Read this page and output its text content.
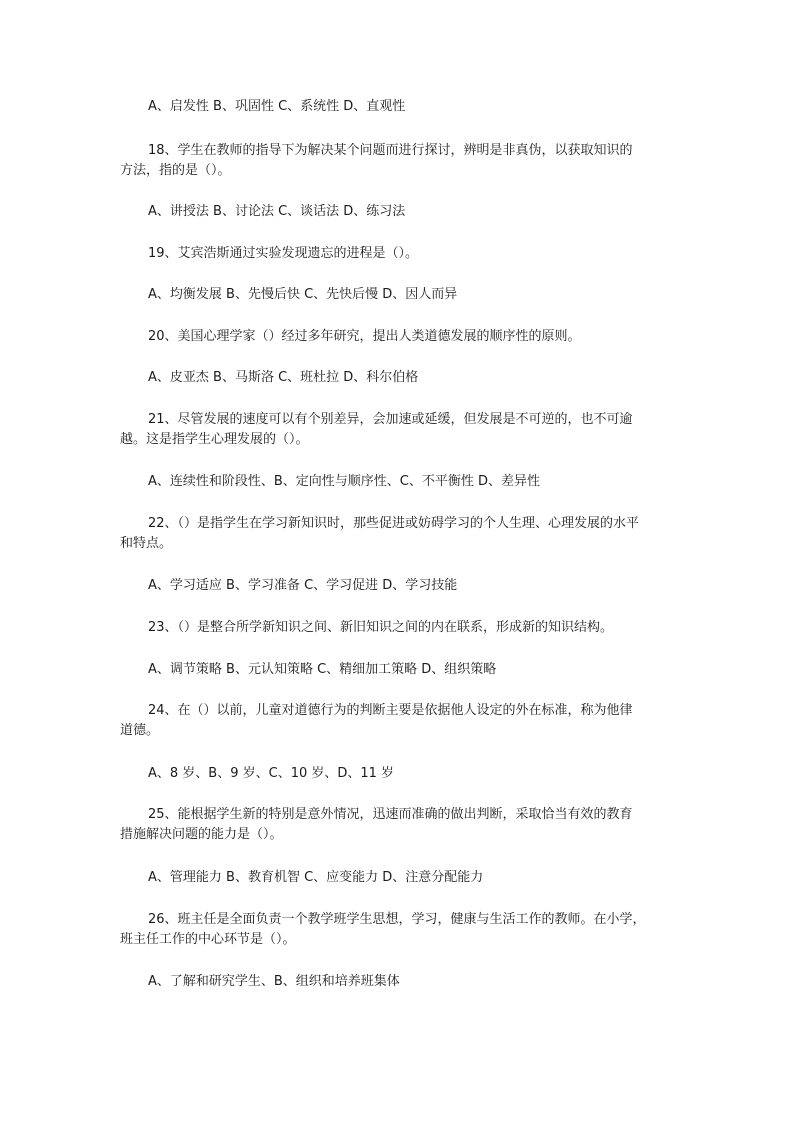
A、启发性 B、巩固性 C、系统性 D、直观性

18、学生在教师的指导下为解决某个问题而进行探讨，辨明是非真伪，以获取知识的

方法，指的是（）。

A、讲授法 B、讨论法 C、谈话法 D、练习法

19、艾宾浩斯通过实验发现遗忘的进程是（）。

A、均衡发展 B、先慢后快 C、先快后慢 D、因人而异

20、美国心理学家（）经过多年研究，提出人类道德发展的顺序性的原则。

A、皮亚杰 B、马斯洛 C、班杜拉 D、科尔伯格

21、尽管发展的速度可以有个别差异，会加速或延缓，但发展是不可逆的，也不可逾

越。这是指学生心理发展的（）。

A、连续性和阶段性、B、定向性与顺序性、C、不平衡性 D、差异性

22、（）是指学生在学习新知识时，那些促进或妨碍学习的个人生理、心理发展的水平

和特点。

A、学习适应 B、学习准备 C、学习促进 D、学习技能

23、（）是整合所学新知识之间、新旧知识之间的内在联系，形成新的知识结构。

A、调节策略 B、元认知策略 C、精细加工策略 D、组织策略

24、在（）以前，儿童对道德行为的判断主要是依据他人设定的外在标准，称为他律

道德。

A、8 岁、B、9 岁、C、10 岁、D、11 岁

25、能根据学生新的特别是意外情况，迅速而准确的做出判断，采取恰当有效的教育

措施解决问题的能力是（）。

A、管理能力 B、教育机智 C、应变能力 D、注意分配能力

26、班主任是全面负责一个教学班学生思想，学习，健康与生活工作的教师。在小学，

班主任工作的中心环节是（）。

A、了解和研究学生、B、组织和培养班集体
